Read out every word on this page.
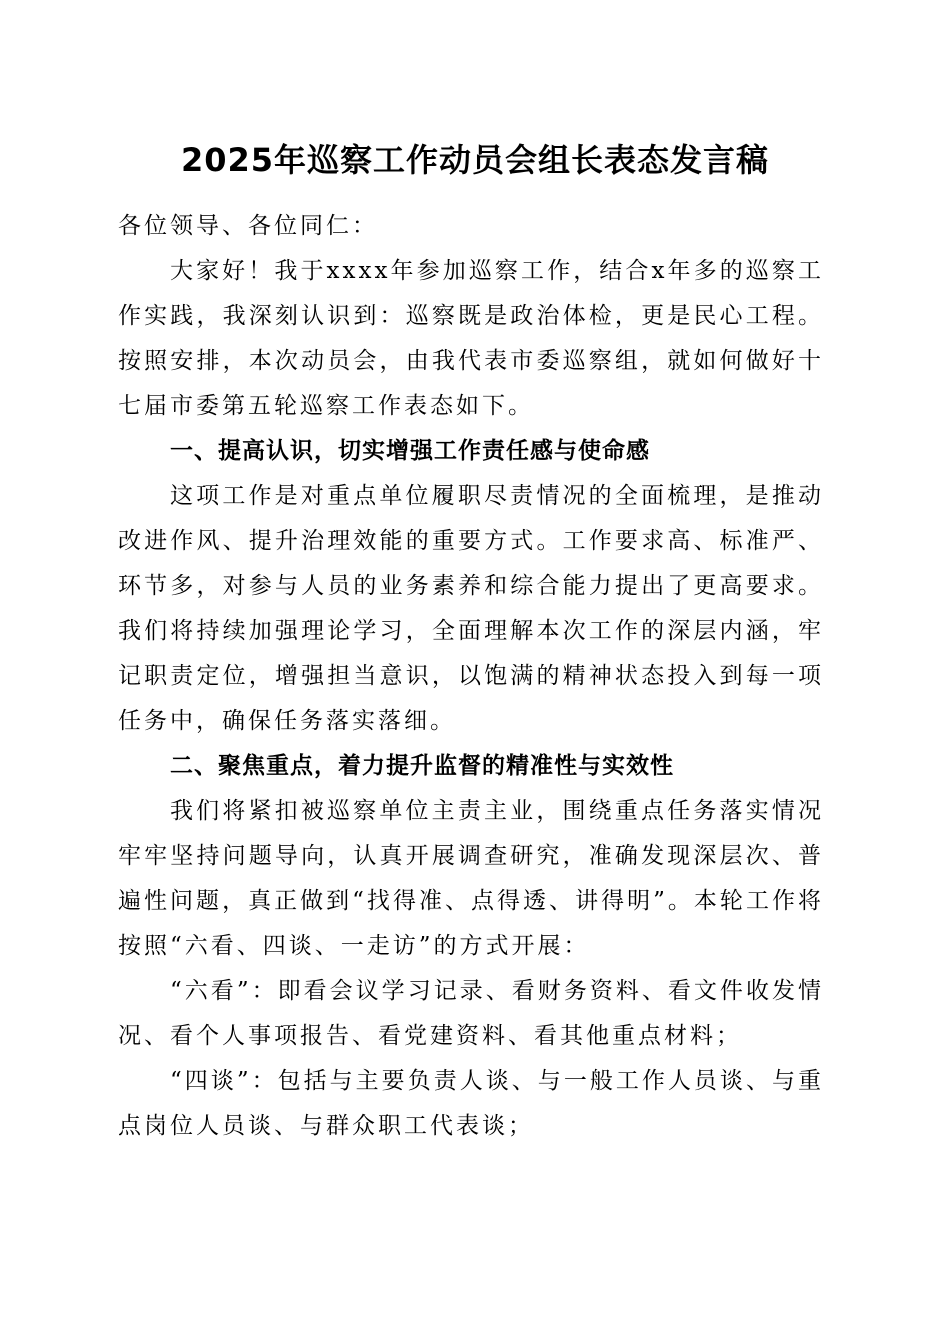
2025年巡察工作动员会组长表态发言稿

各位领导、各位同仁：

大家好！我于xxxx年参加巡察工作，结合x年多的巡察工作实践，我深刻认识到：巡察既是政治体检，更是民心工程。按照安排，本次动员会，由我代表市委巡察组，就如何做好十七届市委第五轮巡察工作表态如下。

一、提高认识，切实增强工作责任感与使命感

这项工作是对重点单位履职尽责情况的全面梳理，是推动改进作风、提升治理效能的重要方式。工作要求高、标准严、环节多，对参与人员的业务素养和综合能力提出了更高要求。我们将持续加强理论学习，全面理解本次工作的深层内涵，牢记职责定位，增强担当意识，以饱满的精神状态投入到每一项任务中，确保任务落实落细。

二、聚焦重点，着力提升监督的精准性与实效性

我们将紧扣被巡察单位主责主业，围绕重点任务落实情况牢牢坚持问题导向，认真开展调查研究，准确发现深层次、普遍性问题，真正做到“找得准、点得透、讲得明”。本轮工作将按照“六看、四谈、一走访”的方式开展：

“六看”：即看会议学习记录、看财务资料、看文件收发情况、看个人事项报告、看党建资料、看其他重点材料；

“四谈”：包括与主要负责人谈、与一般工作人员谈、与重点岗位人员谈、与群众职工代表谈；
